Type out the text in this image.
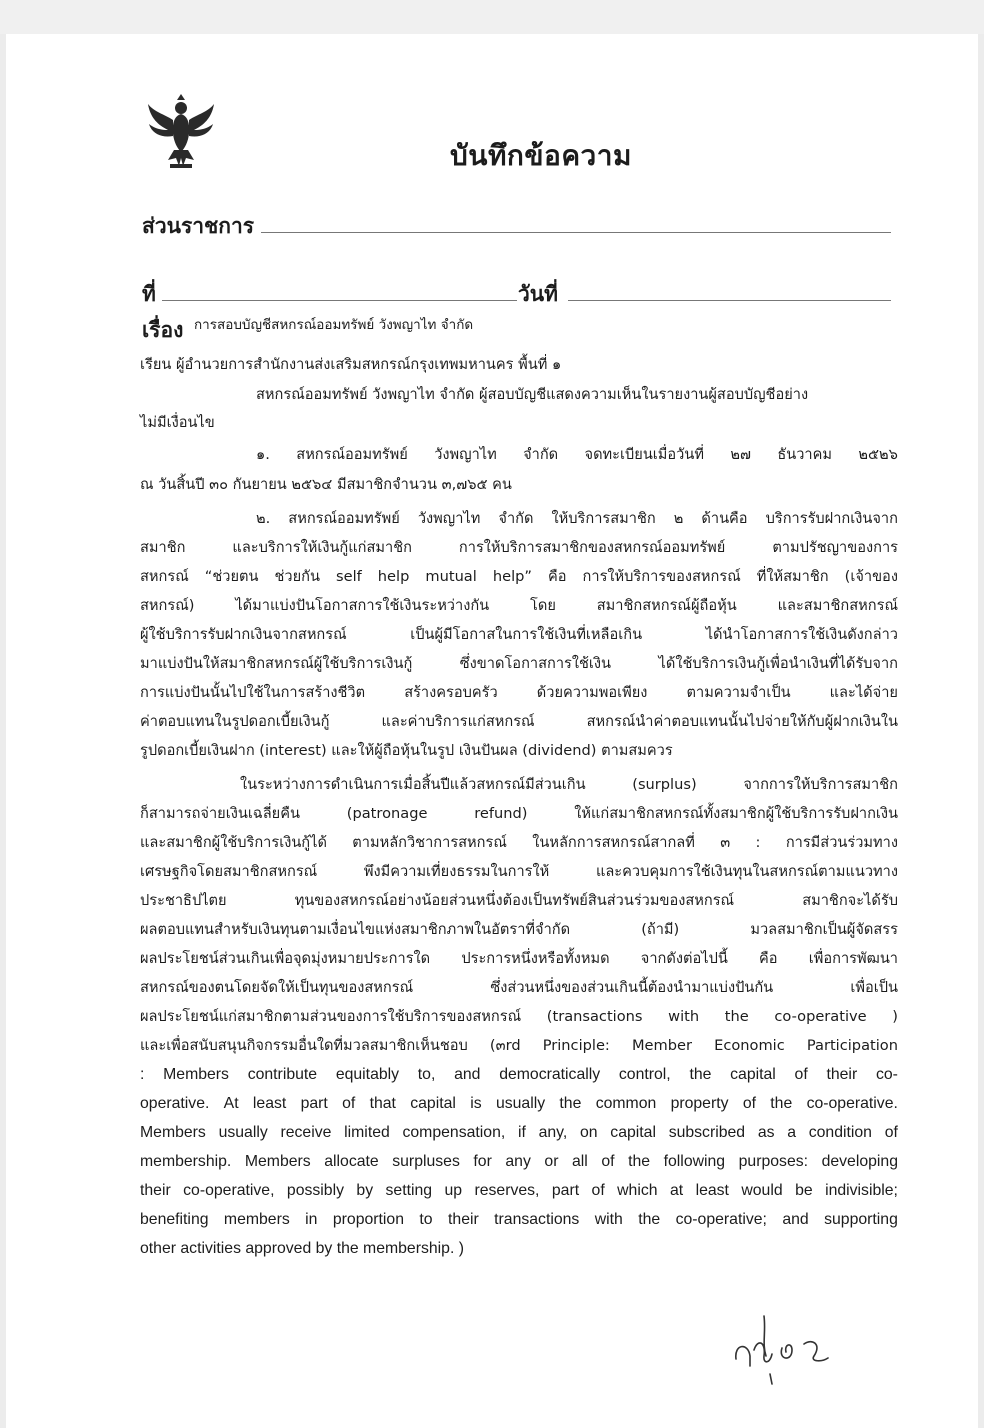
บันทึกข้อความ
ส่วนราชการ
ที่	วันที่
เรื่อง การสอบบัญชีสหกรณ์ออมทรัพย์ วังพญาไท จำกัด
เรียน ผู้อำนวยการสำนักงานส่งเสริมสหกรณ์กรุงเทพมหานคร พื้นที่ ๑
สหกรณ์ออมทรัพย์ วังพญาไท จำกัด ผู้สอบบัญชีแสดงความเห็นในรายงานผู้สอบบัญชีอย่าง
ไม่มีเงื่อนไข
๑. สหกรณ์ออมทรัพย์ วังพญาไท จำกัด จดทะเบียนเมื่อวันที่ ๒๗ ธันวาคม ๒๕๒๖
ณ วันสิ้นปี ๓๐ กันยายน ๒๕๖๔ มีสมาชิกจำนวน ๓,๗๖๕ คน
๒. สหกรณ์ออมทรัพย์ วังพญาไท จำกัด ให้บริการสมาชิก ๒ ด้านคือ บริการรับฝากเงินจาก
สมาชิก	และบริการให้เงินกู้แก่สมาชิก	การให้บริการสมาชิกของสหกรณ์ออมทรัพย์	ตามปรัชญาของการ
สหกรณ์ “ช่วยตน ช่วยกัน self help mutual help” คือ การให้บริการของสหกรณ์ ที่ให้สมาชิก (เจ้าของ
สหกรณ์)	ได้มาแบ่งปันโอกาสการใช้เงินระหว่างกัน	โดย	สมาชิกสหกรณ์ผู้ถือหุ้น	และสมาชิกสหกรณ์
ผู้ใช้บริการรับฝากเงินจากสหกรณ์	เป็นผู้มีโอกาสในการใช้เงินที่เหลือเกิน	ได้นำโอกาสการใช้เงินดังกล่าว
มาแบ่งปันให้สมาชิกสหกรณ์ผู้ใช้บริการเงินกู้	ซึ่งขาดโอกาสการใช้เงิน	ได้ใช้บริการเงินกู้เพื่อนำเงินที่ได้รับจาก
การแบ่งปันนั้นไปใช้ในการสร้างชีวิต	สร้างครอบครัว	ด้วยความพอเพียง	ตามความจำเป็น	และได้จ่าย
ค่าตอบแทนในรูปดอกเบี้ยเงินกู้	และค่าบริการแก่สหกรณ์	สหกรณ์นำค่าตอบแทนนั้นไปจ่ายให้กับผู้ฝากเงินใน
รูปดอกเบี้ยเงินฝาก (interest) และให้ผู้ถือหุ้นในรูป เงินปันผล (dividend) ตามสมควร
ในระหว่างการดำเนินการเมื่อสิ้นปีแล้วสหกรณ์มีส่วนเกิน	(surplus)	จากการให้บริการสมาชิก
ก็สามารถจ่ายเงินเฉลี่ยคืน	(patronage	refund)	ให้แก่สมาชิกสหกรณ์ทั้งสมาชิกผู้ใช้บริการรับฝากเงิน
และสมาชิกผู้ใช้บริการเงินกู้ได้ ตามหลักวิชาการสหกรณ์ ในหลักการสหกรณ์สากลที่ ๓ : การมีส่วนร่วมทาง
เศรษฐกิจโดยสมาชิกสหกรณ์	พึงมีความเที่ยงธรรมในการให้	และควบคุมการใช้เงินทุนในสหกรณ์ตามแนวทาง
ประชาธิปไตย	ทุนของสหกรณ์อย่างน้อยส่วนหนึ่งต้องเป็นทรัพย์สินส่วนร่วมของสหกรณ์	สมาชิกจะได้รับ
ผลตอบแทนสำหรับเงินทุนตามเงื่อนไขแห่งสมาชิกภาพในอัตราที่จำกัด	(ถ้ามี)	มวลสมาชิกเป็นผู้จัดสรร
ผลประโยชน์ส่วนเกินเพื่อจุดมุ่งหมายประการใด ประการหนึ่งหรือทั้งหมด จากดังต่อไปนี้ คือ เพื่อการพัฒนา
สหกรณ์ของตนโดยจัดให้เป็นทุนของสหกรณ์	ซึ่งส่วนหนึ่งของส่วนเกินนี้ต้องนำมาแบ่งปันกัน	เพื่อเป็น
ผลประโยชน์แก่สมาชิกตามส่วนของการใช้บริการของสหกรณ์ (transactions with the co-operative )
และเพื่อสนับสนุนกิจกรรมอื่นใดที่มวลสมาชิกเห็นชอบ (๓rd Principle: Member Economic Participation
: Members contribute equitably to, and democratically control, the capital of their co-
operative. At least part of that capital is usually the common property of the co-operative.
Members usually receive limited compensation, if any, on capital subscribed as a condition of
membership. Members allocate surpluses for any or all of the following purposes: developing
their co-operative, possibly by setting up reserves, part of which at least would be indivisible;
benefiting members in proportion to their transactions with the co-operative; and supporting
other activities approved by the membership. )
